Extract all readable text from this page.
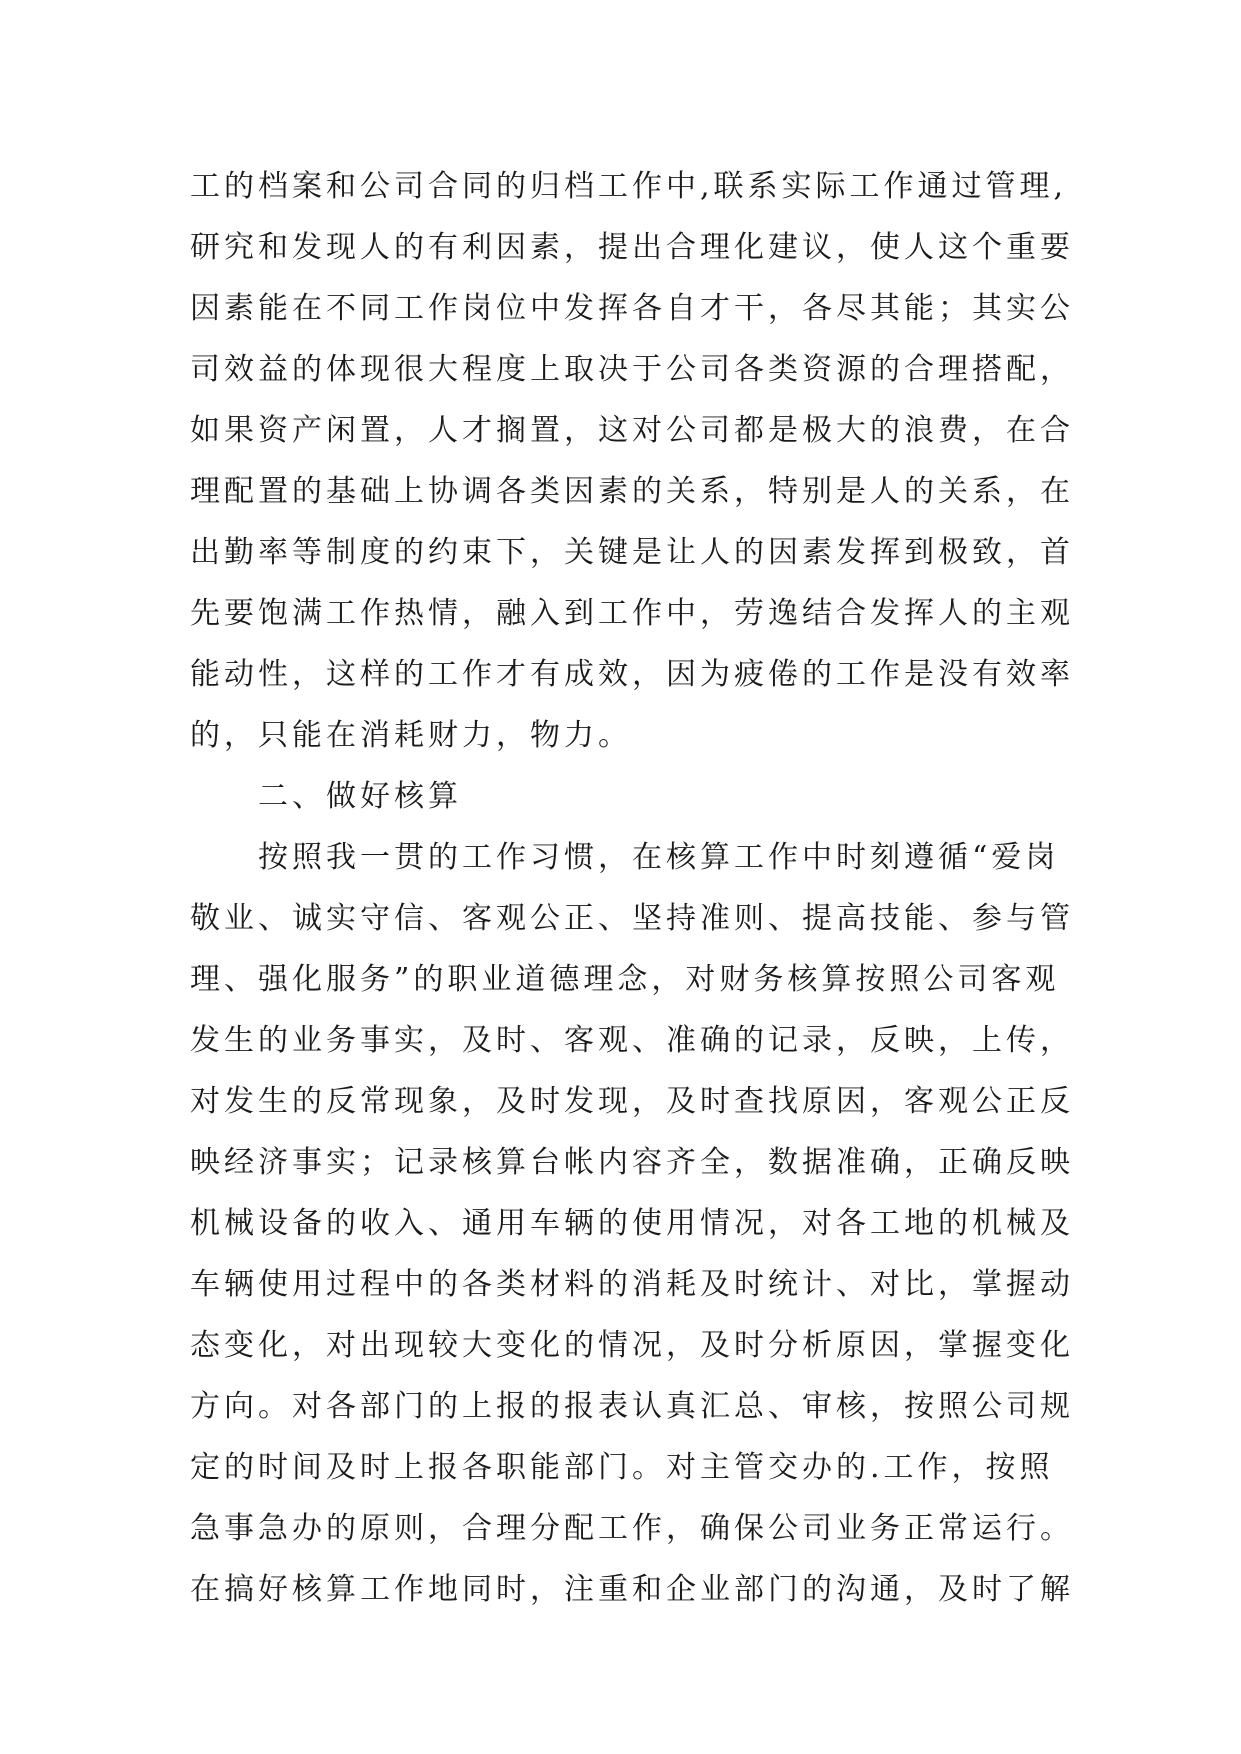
工的档案和公司合同的归档工作中,联系实际工作通过管理,
研究和发现人的有利因素，提出合理化建议，使人这个重要
因素能在不同工作岗位中发挥各自才干，各尽其能；其实公
司效益的体现很大程度上取决于公司各类资源的合理搭配，
如果资产闲置，人才搁置，这对公司都是极大的浪费，在合
理配置的基础上协调各类因素的关系，特别是人的关系，在
出勤率等制度的约束下，关键是让人的因素发挥到极致，首
先要饱满工作热情，融入到工作中，劳逸结合发挥人的主观
能动性，这样的工作才有成效，因为疲倦的工作是没有效率
的，只能在消耗财力，物力。
二、做好核算
按照我一贯的工作习惯，在核算工作中时刻遵循“爱岗
敬业、诚实守信、客观公正、坚持准则、提高技能、参与管
理、强化服务”的职业道德理念，对财务核算按照公司客观
发生的业务事实，及时、客观、准确的记录，反映，上传，
对发生的反常现象，及时发现，及时查找原因，客观公正反
映经济事实；记录核算台帐内容齐全，数据准确，正确反映
机械设备的收入、通用车辆的使用情况，对各工地的机械及
车辆使用过程中的各类材料的消耗及时统计、对比，掌握动
态变化，对出现较大变化的情况，及时分析原因，掌握变化
方向。对各部门的上报的报表认真汇总、审核，按照公司规
定的时间及时上报各职能部门。对主管交办的.工作，按照
急事急办的原则，合理分配工作，确保公司业务正常运行。
在搞好核算工作地同时，注重和企业部门的沟通，及时了解
